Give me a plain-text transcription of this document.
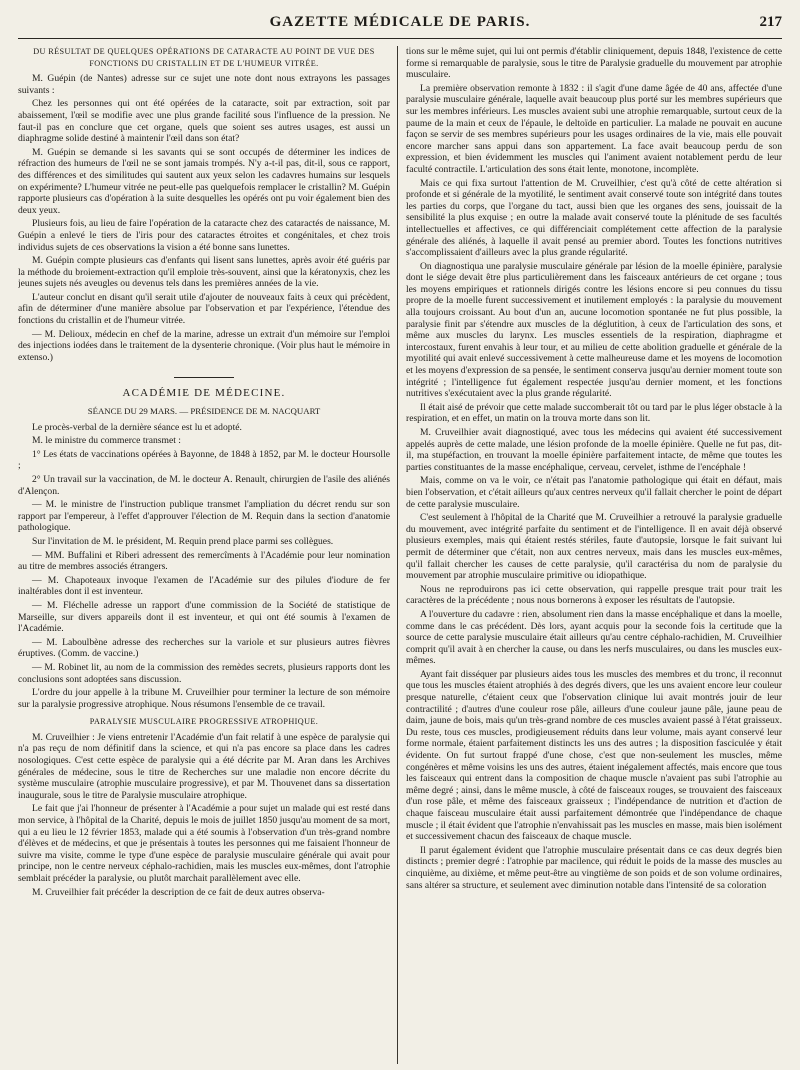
GAZETTE MÉDICALE DE PARIS.	217

DU RÉSULTAT DE QUELQUES OPÉRATIONS DE CATARACTE AU POINT DE VUE DES FONCTIONS DU CRISTALLIN ET DE L'HUMEUR VITRÉE.

M. Guépin (de Nantes) adresse sur ce sujet une note dont nous extrayons les passages suivants :

Chez les personnes qui ont été opérées de la cataracte, soit par extraction, soit par abaissement, l'œil se modifie avec une plus grande facilité sous l'influence de la pression. Ne faut-il pas en conclure que cet organe, quels que soient ses autres usages, est aussi un diaphragme solide destiné à maintenir l'œil dans son état?

M. Guépin se demande si les savants qui se sont occupés de déterminer les indices de réfraction des humeurs de l'œil ne se sont jamais trompés. N'y a-t-il pas, dit-il, sous ce rapport, des différences et des similitudes qui sautent aux yeux selon les cadavres humains sur lesquels on expérimente? L'humeur vitrée ne peut-elle pas quelquefois remplacer le cristallin? M. Guépin rapporte plusieurs cas d'opération à la suite desquelles les opérés ont pu voir également bien des deux yeux.

Plusieurs fois, au lieu de faire l'opération de la cataracte chez des cataractés de naissance, M. Guépin a enlevé le tiers de l'iris pour des cataractes étroites et congénitales, et chez trois individus sujets de ces observations la vision a été bonne sans lunettes.

M. Guépin compte plusieurs cas d'enfants qui lisent sans lunettes, après avoir été guéris par la méthode du broiement-extraction qu'il emploie très-souvent, ainsi que la kératonyxis, chez les jeunes sujets nés aveugles ou devenus tels dans les premières années de la vie.

L'auteur conclut en disant qu'il serait utile d'ajouter de nouveaux faits à ceux qui précèdent, afin de déterminer d'une manière absolue par l'observation et par l'expérience, l'étendue des fonctions du cristallin et de l'humeur vitrée.

— M. Delioux, médecin en chef de la marine, adresse un extrait d'un mémoire sur l'emploi des injections iodées dans le traitement de la dysenterie chronique. (Voir plus haut le mémoire in extenso.)

ACADÉMIE DE MÉDECINE.

SÉANCE DU 29 MARS. — PRÉSIDENCE DE M. NACQUART

Le procès-verbal de la dernière séance est lu et adopté.

M. le ministre du commerce transmet :

1° Les états de vaccinations opérées à Bayonne, de 1848 à 1852, par M. le docteur Hoursolle ;

2° Un travail sur la vaccination, de M. le docteur A. Renault, chirurgien de l'asile des aliénés d'Alençon.

— M. le ministre de l'instruction publique transmet l'ampliation du décret rendu sur son rapport par l'empereur, à l'effet d'approuver l'élection de M. Requin dans la section d'anatomie pathologique.

Sur l'invitation de M. le président, M. Requin prend place parmi ses collègues.

— MM. Buffalini et Riberi adressent des remercîments à l'Académie pour leur nomination au titre de membres associés étrangers.

— M. Chapoteaux invoque l'examen de l'Académie sur des pilules d'iodure de fer inaltérables dont il est inventeur.

— M. Fléchelle adresse un rapport d'une commission de la Société de statistique de Marseille, sur divers appareils dont il est inventeur, et qui ont été soumis à l'examen de l'Académie.

— M. Laboulbène adresse des recherches sur la variole et sur plusieurs autres fièvres éruptives. (Comm. de vaccine.)

— M. Robinet lit, au nom de la commission des remèdes secrets, plusieurs rapports dont les conclusions sont adoptées sans discussion.

L'ordre du jour appelle à la tribune M. Cruveilhier pour terminer la lecture de son mémoire sur la paralysie progressive atrophique. Nous résumons l'ensemble de ce travail.

PARALYSIE MUSCULAIRE PROGRESSIVE ATROPHIQUE.

M. Cruveilhier : Je viens entretenir l'Académie d'un fait relatif à une espèce de paralysie qui n'a pas reçu de nom définitif dans la science, et qui n'a pas encore sa place dans les cadres nosologiques. C'est cette espèce de paralysie qui a été décrite par M. Aran dans les Archives générales de médecine, sous le titre de Recherches sur une maladie non encore décrite du système musculaire (atrophie musculaire progressive), et par M. Thouvenet dans sa dissertation inaugurale, sous le titre de Paralysie musculaire atrophique.

Le fait que j'ai l'honneur de présenter à l'Académie a pour sujet un malade qui est resté dans mon service, à l'hôpital de la Charité, depuis le mois de juillet 1850 jusqu'au moment de sa mort, qui a eu lieu le 12 février 1853, malade qui a été soumis à l'observation d'un très-grand nombre d'élèves et de médecins, et que je présentais à toutes les personnes qui me faisaient l'honneur de suivre ma visite, comme le type d'une espèce de paralysie musculaire générale qui avait pour principe, non le centre nerveux céphalo-rachidien, mais les muscles eux-mêmes, dont l'atrophie semblait précéder la paralysie, ou plutôt marchait parallèlement avec elle.

M. Cruveilhier fait précéder la description de ce fait de deux autres observa-

tions sur le même sujet, qui lui ont permis d'établir cliniquement, depuis 1848, l'existence de cette forme si remarquable de paralysie, sous le titre de Paralysie graduelle du mouvement par atrophie musculaire.

La première observation remonte à 1832 : il s'agit d'une dame âgée de 40 ans, affectée d'une paralysie musculaire générale, laquelle avait beaucoup plus porté sur les membres supérieurs que sur les membres inférieurs. Les muscles avaient subi une atrophie remarquable, surtout ceux de la paume de la main et ceux de l'épaule, le deltoïde en particulier. La malade ne pouvait en aucune façon se servir de ses membres supérieurs pour les usages ordinaires de la vie, mais elle pouvait encore marcher sans appui dans son appartement. La face avait beaucoup perdu de son expression, et bien évidemment les muscles qui l'animent avaient notablement perdu de leur faculté contractile. L'articulation des sons était lente, monotone, incomplète.

Mais ce qui fixa surtout l'attention de M. Cruveilhier, c'est qu'à côté de cette altération si profonde et si générale de la myotilité, le sentiment avait conservé toute son intégrité dans toutes les parties du corps, que l'organe du tact, aussi bien que les organes des sens, jouissait de la sensibilité la plus exquise ; en outre la malade avait conservé toute la plénitude de ses facultés intellectuelles et affectives, ce qui différenciait complétement cette affection de la paralysie générale des aliénés, à laquelle il avait pensé au premier abord. Toutes les fonctions nutritives s'accomplissaient d'ailleurs avec la plus grande régularité.

On diagnostiqua une paralysie musculaire générale par lésion de la moelle épinière, paralysie dont le siége devait être plus particulièrement dans les faisceaux antérieurs de cet organe ; tous les moyens empiriques et rationnels dirigés contre les lésions encore si peu connues du tissu propre de la moelle furent successivement et inutilement employés : la paralysie du mouvement alla toujours croissant. Au bout d'un an, aucune locomotion spontanée ne fut plus possible, la paralysie finit par s'étendre aux muscles de la déglutition, à ceux de l'articulation des sons, et même aux muscles du larynx. Les muscles essentiels de la respiration, diaphragme et intercostaux, furent envahis à leur tour, et au milieu de cette abolition graduelle et générale de la myotilité qui avait enlevé successivement à cette malheureuse dame et les moyens de locomotion et les moyens d'expression de sa pensée, le sentiment conserva jusqu'au dernier moment toute son intégrité ; l'intelligence fut également respectée jusqu'au dernier moment, et les fonctions nutritives s'exécutaient avec la plus grande régularité.

Il était aisé de prévoir que cette malade succomberait tôt ou tard par le plus léger obstacle à la respiration, et en effet, un matin on la trouva morte dans son lit.

M. Cruveilhier avait diagnostiqué, avec tous les médecins qui avaient été successivement appelés auprès de cette malade, une lésion profonde de la moelle épinière. Quelle ne fut pas, dit-il, ma stupéfaction, en trouvant la moelle épinière parfaitement intacte, de même que toutes les parties constituantes de la masse encéphalique, cerveau, cervelet, isthme de l'encéphale !

Mais, comme on va le voir, ce n'était pas l'anatomie pathologique qui était en défaut, mais bien l'observation, et c'était ailleurs qu'aux centres nerveux qu'il fallait chercher le point de départ de cette paralysie musculaire.

C'est seulement à l'hôpital de la Charité que M. Cruveilhier a retrouvé la paralysie graduelle du mouvement, avec intégrité parfaite du sentiment et de l'intelligence. Il en avait déjà observé plusieurs exemples, mais qui étaient restés stériles, faute d'autopsie, lorsque le fait suivant lui permit de déterminer que c'était, non aux centres nerveux, mais dans les muscles eux-mêmes, qu'il fallait chercher les causes de cette paralysie, qu'il caractérisa du nom de paralysie du mouvement par atrophie musculaire primitive ou idiopathique.

Nous ne reproduirons pas ici cette observation, qui rappelle presque trait pour trait les caractères de la précédente ; nous nous bornerons à exposer les résultats de l'autopsie.

A l'ouverture du cadavre : rien, absolument rien dans la masse encéphalique et dans la moelle, comme dans le cas précédent. Dès lors, ayant acquis pour la seconde fois la certitude que la source de cette paralysie musculaire était ailleurs qu'au centre céphalo-rachidien, M. Cruveilhier comprit qu'il avait à en chercher la cause, ou dans les nerfs musculaires, ou dans les muscles eux-mêmes.

Ayant fait disséquer par plusieurs aides tous les muscles des membres et du tronc, il reconnut que tous les muscles étaient atrophiés à des degrés divers, que les uns avaient encore leur couleur presque naturelle, c'étaient ceux que l'observation clinique lui avait montrés jouir de leur contractilité ; d'autres d'une couleur rose pâle, ailleurs d'une couleur jaune pâle, jaune peau de daim, jaune de bois, mais qu'un très-grand nombre de ces muscles avaient passé à l'état graisseux. Du reste, tous ces muscles, prodigieusement réduits dans leur volume, mais ayant conservé leur forme normale, étaient parfaitement distincts les uns des autres ; la disposition fasciculée y était évidente. On fut surtout frappé d'une chose, c'est que non-seulement les muscles, même congénères et même voisins les uns des autres, étaient inégalement affectés, mais encore que tous les faisceaux qui entrent dans la composition de chaque muscle n'avaient pas subi l'atrophie au même degré ; ainsi, dans le même muscle, à côté de faisceaux rouges, se trouvaient des faisceaux d'un rose pâle, et même des faisceaux graisseux ; l'indépendance de nutrition et d'action de chaque faisceau musculaire était aussi parfaitement démontrée que l'indépendance de chaque muscle ; il était évident que l'atrophie n'envahissait pas les muscles en masse, mais bien isolément et successivement chacun des faisceaux de chaque muscle.

Il parut également évident que l'atrophie musculaire présentait dans ce cas deux degrés bien distincts ; premier degré : l'atrophie par macilence, qui réduit le poids de la masse des muscles au cinquième, au dixième, et même peut-être au vingtième de son poids et de son volume ordinaires, sans altérer sa structure, et seulement avec diminution notable dans l'intensité de sa coloration
